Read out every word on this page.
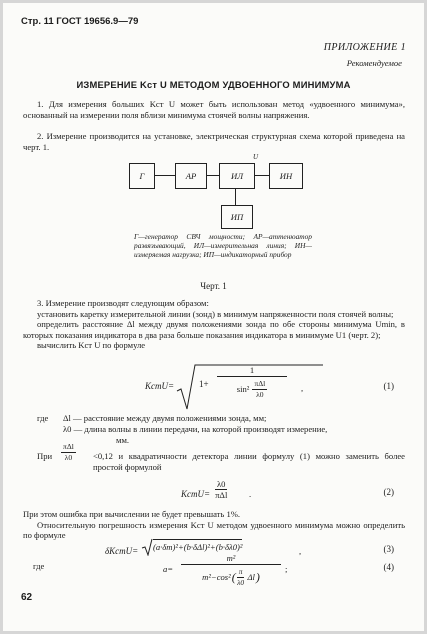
Стр. 11 ГОСТ 19656.9—79
ПРИЛОЖЕНИЕ 1
Рекомендуемое
ИЗМЕРЕНИЕ Kст U МЕТОДОМ УДВОЕННОГО МИНИМУМА

1. Для измерения больших Kст U может быть использован метод «удвоенного минимума», основанный на измерении поля вблизи минимума стоячей волны напряжения.

2. Измерение производится на установке, электрическая структурная схема которой приведена на черт. 1.

Г	АР	ИЛ	ИН
ИП
U
Г—генератор СВЧ мощности; АР—аттенюатор развязывающий, ИЛ—измерительная линия; ИН—измеряемая нагрузка; ИП—индикаторный прибор
Черт. 1

3. Измерение производят следующим образом:

установить каретку измерительной линии (зонд) в минимум напряженности поля стоячей волны;

определить расстояние Δl между двумя положениями зонда по обе стороны минимума Umin, в которых показания индикатора в два раза больше показания индикатора в минимуме U1 (черт. 2);

вычислить Kст U по формуле

KстU=	1+
1
$\sin^2 \frac{\text{πΔl}}{\lambda 0}$	,	(1)
где Δl — расстояние между двумя положениями зонда, мм;
λ0 — длина волны в линии передачи, на которой производят измерение,
мм.
При $\frac{\text{πΔl}}{\lambda 0} <0,12$ и квадратичности детектора линии формулу (1) можно заменить более простой формулой
KстU= $\frac{\lambda 0}{\text{πΔl}}$	.	(2)

При этом ошибка при вычислении не будет превышать 1%.

Относительную погрешность измерения Kст U методом удвоенного минимума можно определить по формуле

δKстU= (a·δm)²+(b·δΔl)²+(b·δλ0)²	,	(3)
где	a=
m²
m²−cos² ( $\frac{\pi}{\lambda 0}$ Δl )
;	(4)
62
